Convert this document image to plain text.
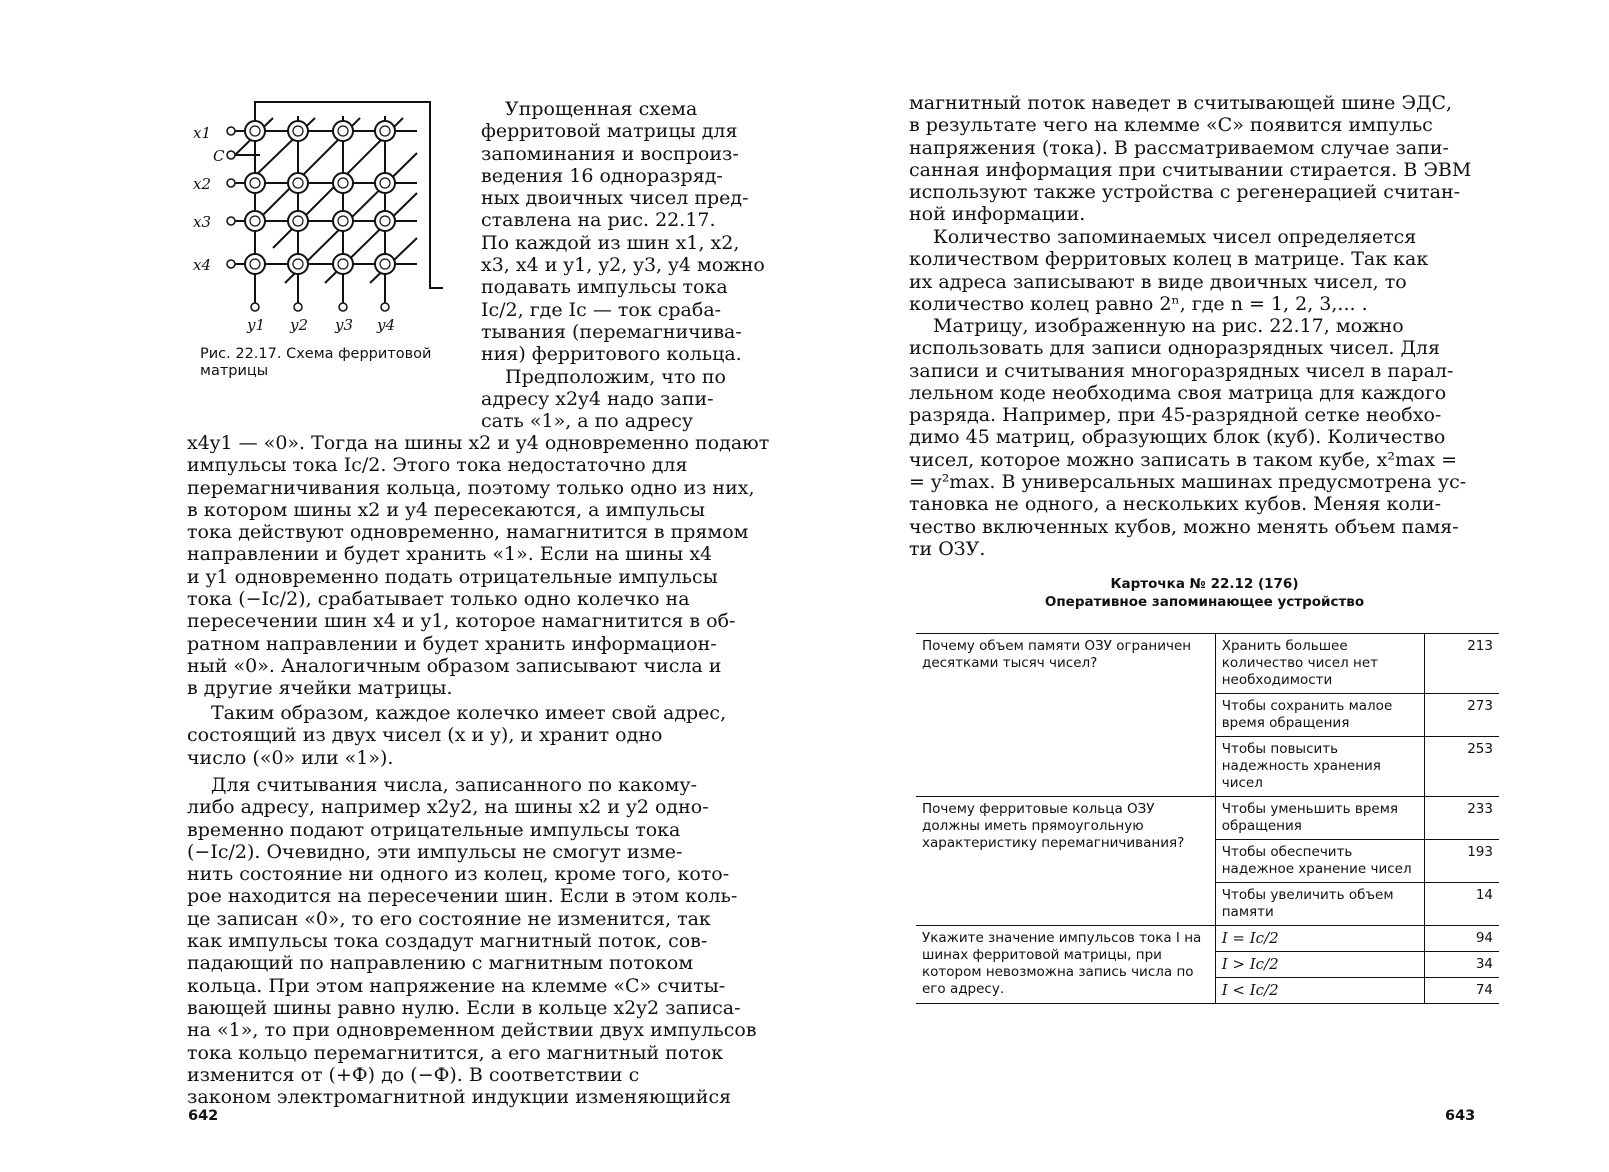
x1
C
x2
x3
x4
y1 y2 y3 y4
Рис. 22.17. Схема ферритовой матрицы
Упрощенная схема
ферритовой матрицы для
запоминания и воспроиз-
ведения 16 одноразряд-
ных двоичных чисел пред-
ставлена на рис. 22.17.
По каждой из шин x1, x2,
x3, x4 и y1, y2, y3, y4 можно
подавать импульсы тока
Ic/2, где Ic — ток сраба-
тывания (перемагничива-
ния) ферритового кольца.
Предположим, что по
адресу x2y4 надо запи-
сать «1», а по адресу
x4y1 — «0». Тогда на шины x2 и y4 одновременно подают
импульсы тока Ic/2. Этого тока недостаточно для
перемагничивания кольца, поэтому только одно из них,
в котором шины x2 и y4 пересекаются, а импульсы
тока действуют одновременно, намагнитится в прямом
направлении и будет хранить «1». Если на шины x4
и y1 одновременно подать отрицательные импульсы
тока (−Ic/2), срабатывает только одно колечко на
пересечении шин x4 и y1, которое намагнитится в об-
ратном направлении и будет хранить информацион-
ный «0». Аналогичным образом записывают числа и
в другие ячейки матрицы.
Таким образом, каждое колечко имеет свой адрес,
состоящий из двух чисел (x и y), и хранит одно
число («0» или «1»).
Для считывания числа, записанного по какому-
либо адресу, например x2y2, на шины x2 и y2 одно-
временно подают отрицательные импульсы тока
(−Ic/2). Очевидно, эти импульсы не смогут изме-
нить состояние ни одного из колец, кроме того, кото-
рое находится на пересечении шин. Если в этом коль-
це записан «0», то его состояние не изменится, так
как импульсы тока создадут магнитный поток, сов-
падающий по направлению с магнитным потоком
кольца. При этом напряжение на клемме «С» считы-
вающей шины равно нулю. Если в кольце x2y2 записа-
на «1», то при одновременном действии двух импульсов
тока кольцо перемагнитится, а его магнитный поток
изменится от (+Ф) до (−Ф). В соответствии с
законом электромагнитной индукции изменяющийся
642
магнитный поток наведет в считывающей шине ЭДС,
в результате чего на клемме «С» появится импульс
напряжения (тока). В рассматриваемом случае запи-
санная информация при считывании стирается. В ЭВМ
используют также устройства с регенерацией считан-
ной информации.
Количество запоминаемых чисел определяется
количеством ферритовых колец в матрице. Так как
их адреса записывают в виде двоичных чисел, то
количество колец равно 2ⁿ, где n = 1, 2, 3,... .
Матрицу, изображенную на рис. 22.17, можно
использовать для записи одноразрядных чисел. Для
записи и считывания многоразрядных чисел в парал-
лельном коде необходима своя матрица для каждого
разряда. Например, при 45-разрядной сетке необхо-
димо 45 матриц, образующих блок (куб). Количество
чисел, которое можно записать в таком кубе, x²max =
= y²max. В универсальных машинах предусмотрена ус-
тановка не одного, а нескольких кубов. Меняя коли-
чество включенных кубов, можно менять объем памя-
ти ОЗУ.
Карточка № 22.12 (176)
Оперативное запоминающее устройство
643
Почему объем памяти ОЗУ ограничен десятками тысяч чисел?	Хранить большее количество чисел нет необходимости	213
	Чтобы сохранить малое время обращения	273
	Чтобы повысить надежность хранения чисел	253
Почему ферритовые кольца ОЗУ должны иметь прямоугольную характеристику перемагничивания?	Чтобы уменьшить время обращения	233
	Чтобы обеспечить надежное хранение чисел	193
	Чтобы увеличить объем памяти	14
Укажите значение импульсов тока I на шинах ферритовой матрицы, при котором невозможна запись числа по его адресу.	I = Ic/2	94
	I > Ic/2	34
	I < Ic/2	74
